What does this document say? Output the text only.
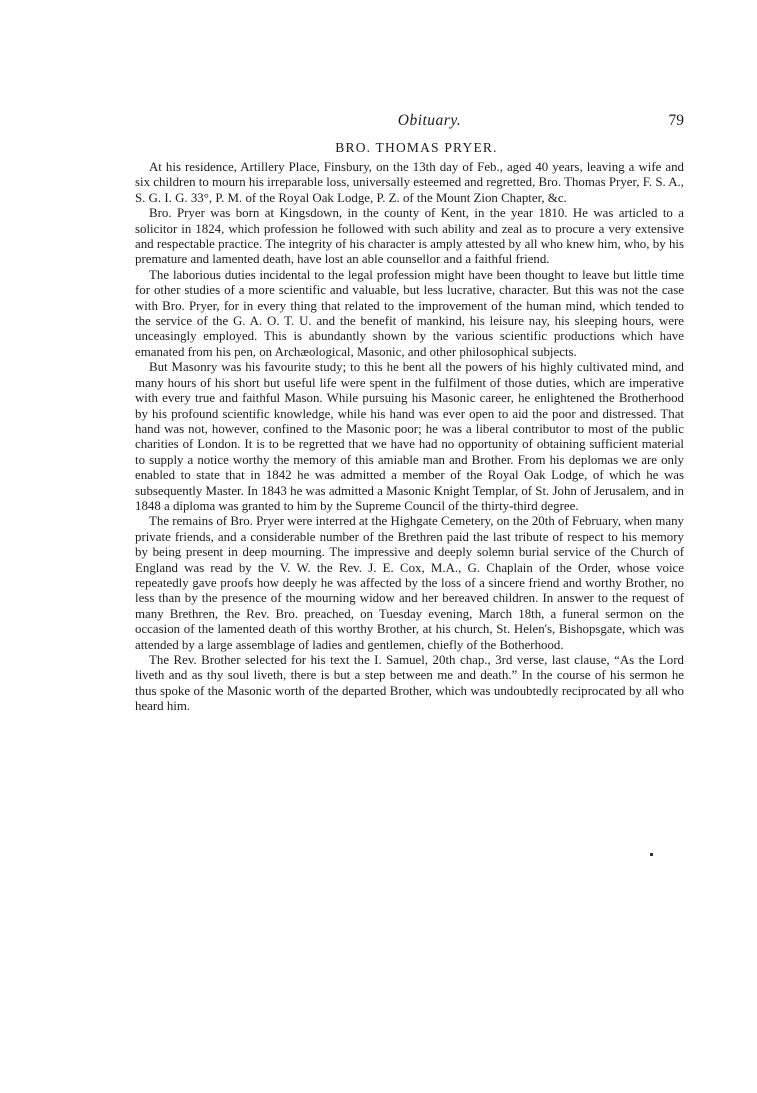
Obituary.	79
BRO. THOMAS PRYER.

At his residence, Artillery Place, Finsbury, on the 13th day of Feb., aged 40 years, leaving a wife and six children to mourn his irreparable loss, universally esteemed and regretted, Bro. Thomas Pryer, F. S. A., S. G. I. G. 33°, P. M. of the Royal Oak Lodge, P. Z. of the Mount Zion Chapter, &c.

Bro. Pryer was born at Kingsdown, in the county of Kent, in the year 1810. He was articled to a solicitor in 1824, which profession he followed with such ability and zeal as to procure a very extensive and respectable practice. The integrity of his character is amply attested by all who knew him, who, by his premature and lamented death, have lost an able counsellor and a faithful friend.

The laborious duties incidental to the legal profession might have been thought to leave but little time for other studies of a more scientific and valuable, but less lucrative, character. But this was not the case with Bro. Pryer, for in every thing that related to the improvement of the human mind, which tended to the service of the G. A. O. T. U. and the benefit of mankind, his leisure nay, his sleeping hours, were unceasingly employed. This is abundantly shown by the various scientific productions which have emanated from his pen, on Archæological, Masonic, and other philosophical subjects.

But Masonry was his favourite study; to this he bent all the powers of his highly cultivated mind, and many hours of his short but useful life were spent in the fulfilment of those duties, which are imperative with every true and faithful Mason. While pursuing his Masonic career, he enlightened the Brotherhood by his profound scientific knowledge, while his hand was ever open to aid the poor and distressed. That hand was not, however, confined to the Masonic poor; he was a liberal contributor to most of the public charities of London. It is to be regretted that we have had no opportunity of obtaining sufficient material to supply a notice worthy the memory of this amiable man and Brother. From his deplomas we are only enabled to state that in 1842 he was admitted a member of the Royal Oak Lodge, of which he was subsequently Master. In 1843 he was admitted a Masonic Knight Templar, of St. John of Jerusalem, and in 1848 a diploma was granted to him by the Supreme Council of the thirty-third degree.

The remains of Bro. Pryer were interred at the Highgate Cemetery, on the 20th of February, when many private friends, and a considerable number of the Brethren paid the last tribute of respect to his memory by being present in deep mourning. The impressive and deeply solemn burial service of the Church of England was read by the V. W. the Rev. J. E. Cox, M.A., G. Chaplain of the Order, whose voice repeatedly gave proofs how deeply he was affected by the loss of a sincere friend and worthy Brother, no less than by the presence of the mourning widow and her bereaved children. In answer to the request of many Brethren, the Rev. Bro. preached, on Tuesday evening, March 18th, a funeral sermon on the occasion of the lamented death of this worthy Brother, at his church, St. Helen's, Bishopsgate, which was attended by a large assemblage of ladies and gentlemen, chiefly of the Botherhood.

The Rev. Brother selected for his text the I. Samuel, 20th chap., 3rd verse, last clause, “As the Lord liveth and as thy soul liveth, there is but a step between me and death.” In the course of his sermon he thus spoke of the Masonic worth of the departed Brother, which was undoubtedly reciprocated by all who heard him.
